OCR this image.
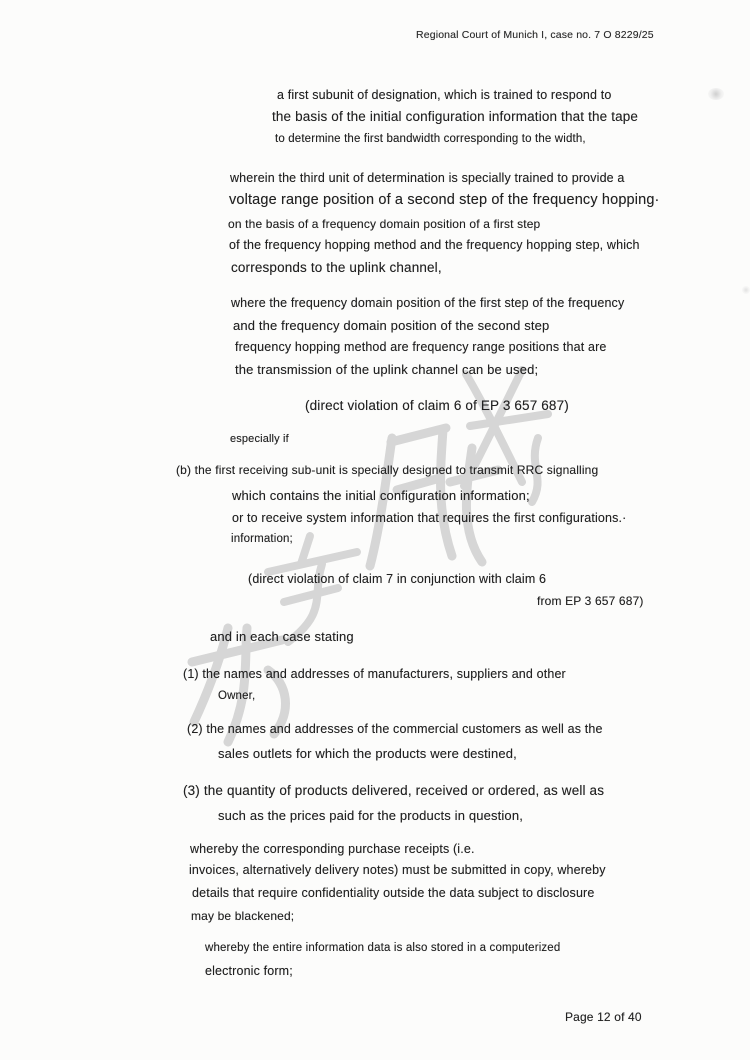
Regional Court of Munich I, case no. 7 O 8229/25
a first subunit of designation, which is trained to respond to
the basis of the initial configuration information that the tape
to determine the first bandwidth corresponding to the width,
wherein the third unit of determination is specially trained to provide a
voltage range position of a second step of the frequency hopping·
on the basis of a frequency domain position of a first step
of the frequency hopping method and the frequency hopping step, which
corresponds to the uplink channel,
where the frequency domain position of the first step of the frequency
and the frequency domain position of the second step
frequency hopping method are frequency range positions that are
the transmission of the uplink channel can be used;
(direct violation of claim 6 of EP 3 657 687)
especially if
(b) the first receiving sub-unit is specially designed to transmit RRC signalling
which contains the initial configuration information;
or to receive system information that requires the first configurations.·
information;
(direct violation of claim 7 in conjunction with claim 6
from EP 3 657 687)
and in each case stating
(1) the names and addresses of manufacturers, suppliers and other
Owner,
(2) the names and addresses of the commercial customers as well as the
sales outlets for which the products were destined,
(3) the quantity of products delivered, received or ordered, as well as
such as the prices paid for the products in question,
whereby the corresponding purchase receipts (i.e.
invoices, alternatively delivery notes) must be submitted in copy, whereby
details that require confidentiality outside the data subject to disclosure
may be blackened;
whereby the entire information data is also stored in a computerized
electronic form;
Page 12 of 40
